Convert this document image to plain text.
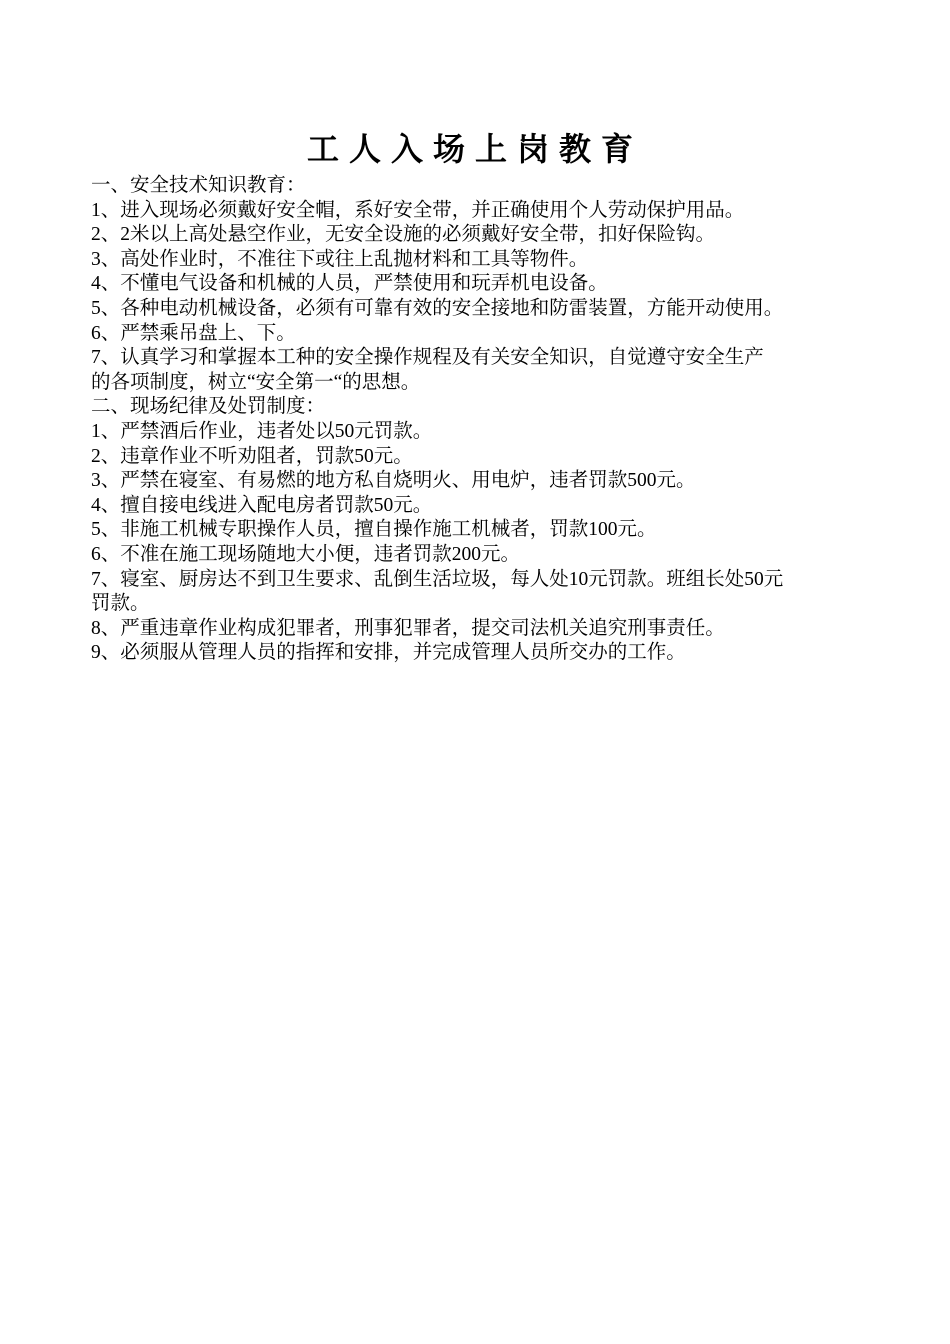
工人入场上岗教育

一、安全技术知识教育：

1、进入现场必须戴好安全帽，系好安全带，并正确使用个人劳动保护用品。

2、2米以上高处悬空作业，无安全设施的必须戴好安全带，扣好保险钩。

3、高处作业时，不准往下或往上乱抛材料和工具等物件。

4、不懂电气设备和机械的人员，严禁使用和玩弄机电设备。

5、各种电动机械设备，必须有可靠有效的安全接地和防雷装置，方能开动使用。

6、严禁乘吊盘上、下。

7、认真学习和掌握本工种的安全操作规程及有关安全知识，自觉遵守安全生产

的各项制度，树立“安全第一“的思想。

二、现场纪律及处罚制度：

1、严禁酒后作业，违者处以50元罚款。

2、违章作业不听劝阻者，罚款50元。

3、严禁在寝室、有易燃的地方私自烧明火、用电炉，违者罚款500元。

4、擅自接电线进入配电房者罚款50元。

5、非施工机械专职操作人员，擅自操作施工机械者，罚款100元。

6、不准在施工现场随地大小便，违者罚款200元。

7、寝室、厨房达不到卫生要求、乱倒生活垃圾，每人处10元罚款。班组长处50元

罚款。

8、严重违章作业构成犯罪者，刑事犯罪者，提交司法机关追究刑事责任。

9、必须服从管理人员的指挥和安排，并完成管理人员所交办的工作。
